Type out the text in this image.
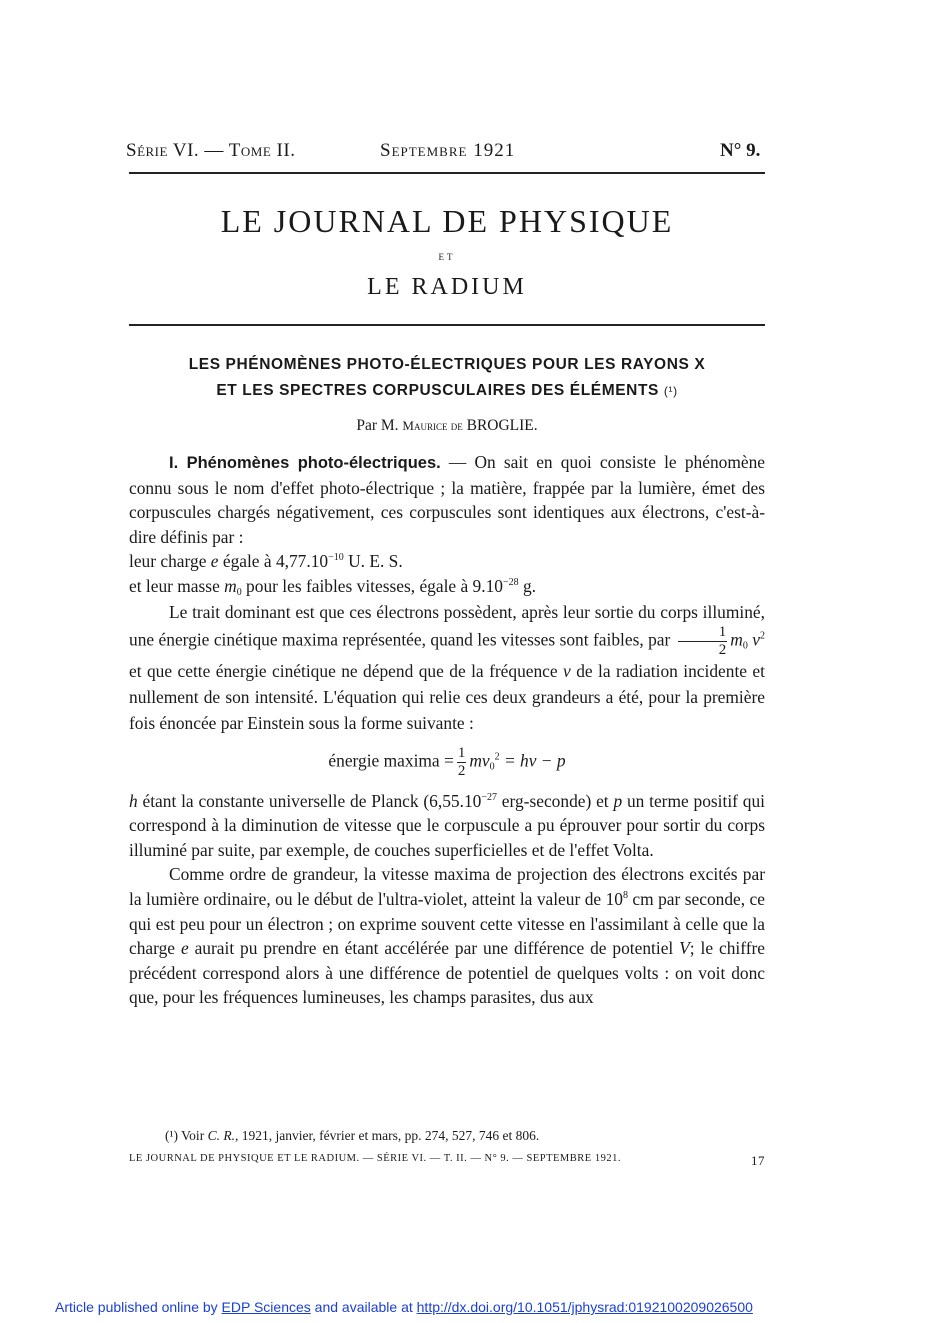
Série VI. — Tome II.	Septembre 1921	N° 9.
LE JOURNAL DE PHYSIQUE
ET
LE RADIUM
LES PHÉNOMÈNES PHOTO-ÉLECTRIQUES POUR LES RAYONS X
ET LES SPECTRES CORPUSCULAIRES DES ÉLÉMENTS (¹)
Par M. Maurice de BROGLIE.

I. Phénomènes photo-électriques. — On sait en quoi consiste le phénomène connu sous le nom d'effet photo-électrique ; la matière, frappée par la lumière, émet des corpuscules chargés négativement, ces corpuscules sont identiques aux électrons, c'est-à-dire définis par :

leur charge e égale à $4,77.10^{-10}$ U. E. S.

et leur masse $m_0$ pour les faibles vitesses, égale à $9.10^{-28}$ g.

Le trait dominant est que ces électrons possèdent, après leur sortie du corps illuminé, une énergie cinétique maxima représentée, quand les vitesses sont faibles, par $\frac{1}{2} m_0$ $v^2$ et que cette énergie cinétique ne dépend que de la fréquence ν de la radiation incidente et nullement de son intensité. L'équation qui relie ces deux grandeurs a été, pour la première fois énoncée par Einstein sous la forme suivante :

énergie maxima = $\frac{1}{2} mv_0^2 = h\nu - p$

h étant la constante universelle de Planck ($6,55.10^{-27}$ erg-seconde) et p un terme positif qui correspond à la diminution de vitesse que le corpuscule a pu éprouver pour sortir du corps illuminé par suite, par exemple, de couches superficielles et de l'effet Volta.

Comme ordre de grandeur, la vitesse maxima de projection des électrons excités par la lumière ordinaire, ou le début de l'ultra-violet, atteint la valeur de $10^8$ cm par seconde, ce qui est peu pour un électron ; on exprime souvent cette vitesse en l'assimilant à celle que la charge e aurait pu prendre en étant accélérée par une différence de potentiel V; le chiffre précédent correspond alors à une différence de potentiel de quelques volts : on voit donc que, pour les fréquences lumineuses, les champs parasites, dus aux

(¹) Voir C. R., 1921, janvier, février et mars, pp. 274, 527, 746 et 806.
LE JOURNAL DE PHYSIQUE ET LE RADIUM. — SÉRIE VI. — T. II. — N° 9. — SEPTEMBRE 1921.	17
Article published online by EDP Sciences and available at http://dx.doi.org/10.1051/jphysrad:0192100209026500
